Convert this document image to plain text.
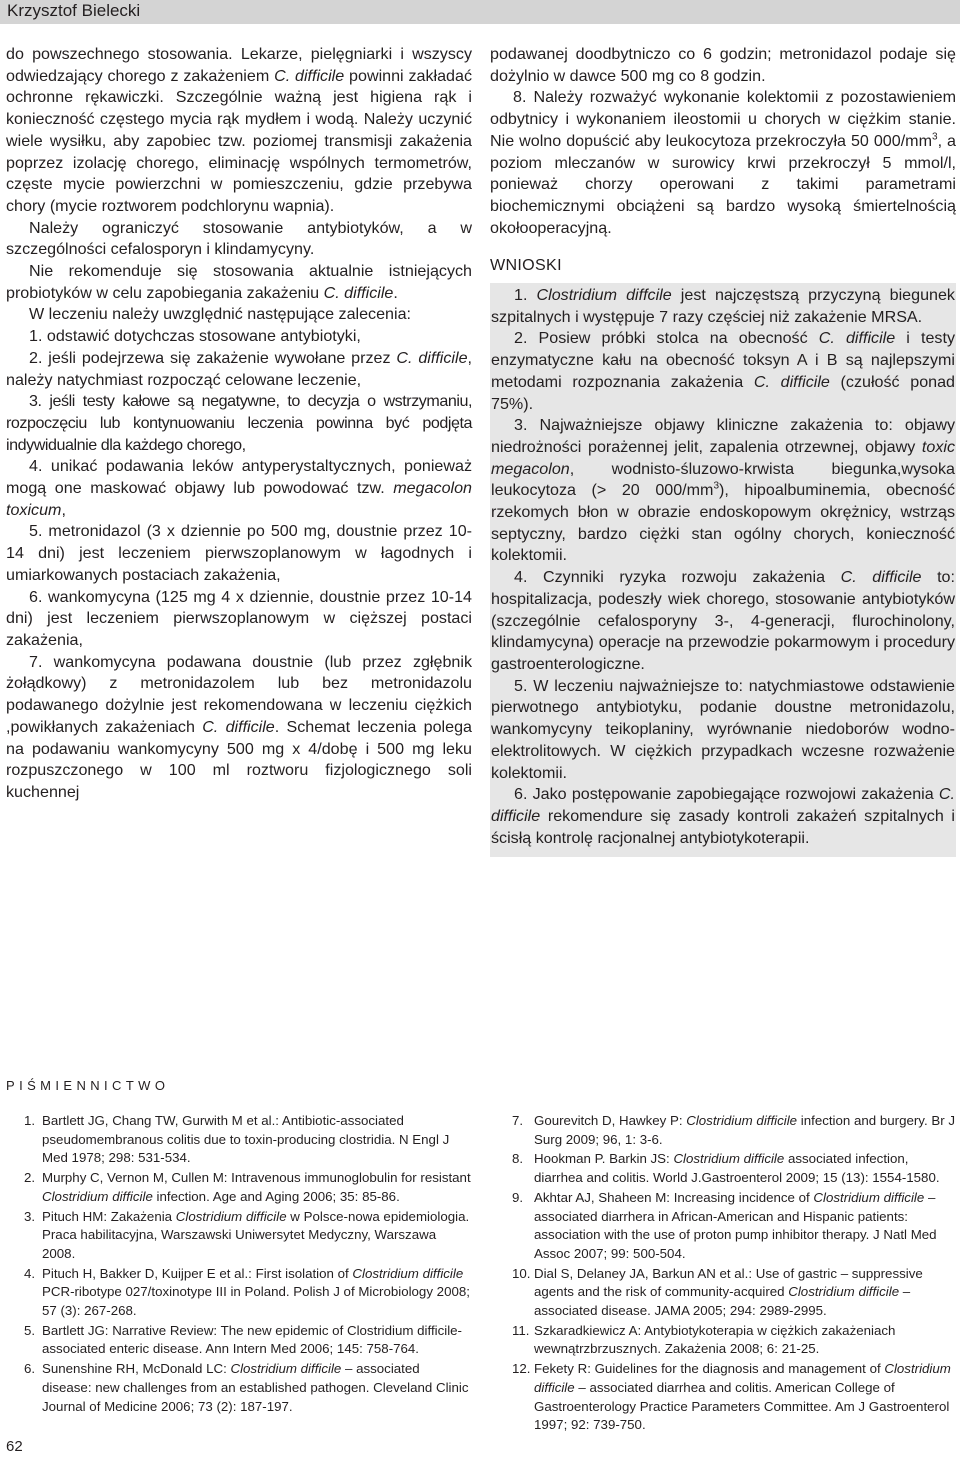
Krzysztof Bielecki

do powszechnego stosowania. Lekarze, pielęgniarki i wszyscy odwiedzający chorego z zakażeniem C. difficile powinni zakładać ochronne rękawiczki. Szczególnie ważną jest higiena rąk i konieczność częstego mycia rąk mydłem i wodą. Należy uczynić wiele wysiłku, aby zapobiec tzw. poziomej transmisji zakażenia poprzez izolację chorego, eliminację wspólnych termometrów, częste mycie powierzchni w pomieszczeniu, gdzie przebywa chory (mycie roztworem podchlorynu wapnia).

Należy ograniczyć stosowanie antybiotyków, a w szczególności cefalosporyn i klindamycyny.

Nie rekomenduje się stosowania aktualnie istniejących probiotyków w celu zapobiegania zakażeniu C. difficile.

W leczeniu należy uwzględnić następujące zalecenia:

1. odstawić dotychczas stosowane antybiotyki,

2. jeśli podejrzewa się zakażenie wywołane przez C. difficile, należy natychmiast rozpocząć celowane leczenie,

3. jeśli testy kałowe są negatywne, to decyzja o wstrzymaniu, rozpoczęciu lub kontynuowaniu leczenia powinna być podjęta indywidualnie dla każdego chorego,

4. unikać podawania leków antyperystaltycznych, ponieważ mogą one maskować objawy lub powodować tzw. megacolon toxicum,

5. metronidazol (3 x dziennie po 500 mg, doustnie przez 10-14 dni) jest leczeniem pierwszoplanowym w łagodnych i umiarkowanych postaciach zakażenia,

6. wankomycyna (125 mg 4 x dziennie, doustnie przez 10-14 dni) jest leczeniem pierwszoplanowym w cięższej postaci zakażenia,

7. wankomycyna podawana doustnie (lub przez zgłębnik żołądkowy) z metronidazolem lub bez metronidazolu podawanego dożylnie jest rekomendowana w leczeniu ciężkich ,powikłanych zakażeniach C. difficile. Schemat leczenia polega na podawaniu wankomycyny 500 mg x 4/dobę i 500 mg leku rozpuszczonego w 100 ml roztworu fizjologicznego soli kuchennej

podawanej doodbytniczo co 6 godzin; metronidazol podaje się dożylnio w dawce 500 mg co 8 godzin.

8. Należy rozważyć wykonanie kolektomii z pozostawieniem odbytnicy i wykonaniem ileostomii u chorych w ciężkim stanie. Nie wolno dopuścić aby leukocytoza przekroczyła 50 $000/mm^3$, a poziom mleczanów w surowicy krwi przekroczył 5 mmol/l, ponieważ chorzy operowani z takimi parametrami biochemicznymi obciążeni są bardzo wysoką śmiertelnością okołooperacyjną.

WNIOSKI

1. Clostridium diffcile jest najczęstszą przyczyną biegunek szpitalnych i występuje 7 razy częściej niż zakażenie MRSA.

2. Posiew próbki stolca na obecność C. difficile i testy enzymatyczne kału na obecność toksyn A i B są najlepszymi metodami rozpoznania zakażenia C. difficile (czułość ponad 75%).

3. Najważniejsze objawy kliniczne zakażenia to: objawy niedrożności porażennej jelit, zapalenia otrzewnej, objawy toxic megacolon, wodnisto-śluzowo-krwista biegunka,wysoka leukocytoza (> 20 $000/mm^3$), hipoalbuminemia, obecność rzekomych błon w obrazie endoskopowym okrężnicy, wstrząs septyczny, bardzo ciężki stan ogólny chorych, konieczność kolektomii.

4. Czynniki ryzyka rozwoju zakażenia C. difficile to: hospitalizacja, podeszły wiek chorego, stosowanie antybiotyków (szczególnie cefalosporyny 3-, 4-generacji, flurochinolony, klindamycyna) operacje na przewodzie pokarmowym i procedury gastroenterologiczne.

5. W leczeniu najważniejsze to: natychmiastowe odstawienie pierwotnego antybiotyku, podanie doustne metronidazolu, wankomycyny teikoplaniny, wyrównanie niedoborów wodno-elektrolitowych. W ciężkich przypadkach wczesne rozważenie kolektomii.

6. Jako postępowanie zapobiegające rozwojowi zakażenia C. difficile rekomendure się zasady kontroli zakażeń szpitalnych i ścisłą kontrolę racjonalnej antybiotykoterapii.

PIŚMIENNICTWO
1. Bartlett JG, Chang TW, Gurwith M et al.: Antibiotic-associated pseudomembranous colitis due to toxin-producing clostridia. N Engl J Med 1978; 298: 531-534.
2. Murphy C, Vernon M, Cullen M: Intravenous immunoglobulin for resistant Clostridium difficile infection. Age and Aging 2006; 35: 85-86.
3. Pituch HM: Zakażenia Clostridium difficile w Polsce-nowa epidemiologia. Praca habilitacyjna, Warszawski Uniwersytet Medyczny, Warszawa 2008.
4. Pituch H, Bakker D, Kuijper E et al.: First isolation of Clostridium difficile PCR-ribotype 027/toxinotype III in Poland. Polish J of Microbiology 2008; 57 (3): 267-268.
5. Bartlett JG: Narrative Review: The new epidemic of Clostridium difficile-associated enteric disease. Ann Intern Med 2006; 145: 758-764.
6. Sunenshine RH, McDonald LC: Clostridium difficile – associated disease: new challenges from an established pathogen. Cleveland Clinic Journal of Medicine 2006; 73 (2): 187-197.
7. Gourevitch D, Hawkey P: Clostridium difficile infection and burgery. Br J Surg 2009; 96, 1: 3-6.
8. Hookman P. Barkin JS: Clostridium difficile associated infection, diarrhea and colitis. World J.Gastroenterol 2009; 15 (13): 1554-1580.
9. Akhtar AJ, Shaheen M: Increasing incidence of Clostridium difficile – associated diarrhera in African-American and Hispanic patients: association with the use of proton pump inhibitor therapy. J Natl Med Assoc 2007; 99: 500-504.
10. Dial S, Delaney JA, Barkun AN et al.: Use of gastric – suppressive agents and the risk of community-acquired Clostridium difficile – associated disease. JAMA 2005; 294: 2989-2995.
11. Szkaradkiewicz A: Antybiotykoterapia w ciężkich zakażeniach wewnątrzbrzusznych. Zakażenia 2008; 6: 21-25.
12. Fekety R: Guidelines for the diagnosis and management of Clostridium difficile – associated diarrhea and colitis. American College of Gastroenterology Practice Parameters Committee. Am J Gastroenterol 1997; 92: 739-750.
62
